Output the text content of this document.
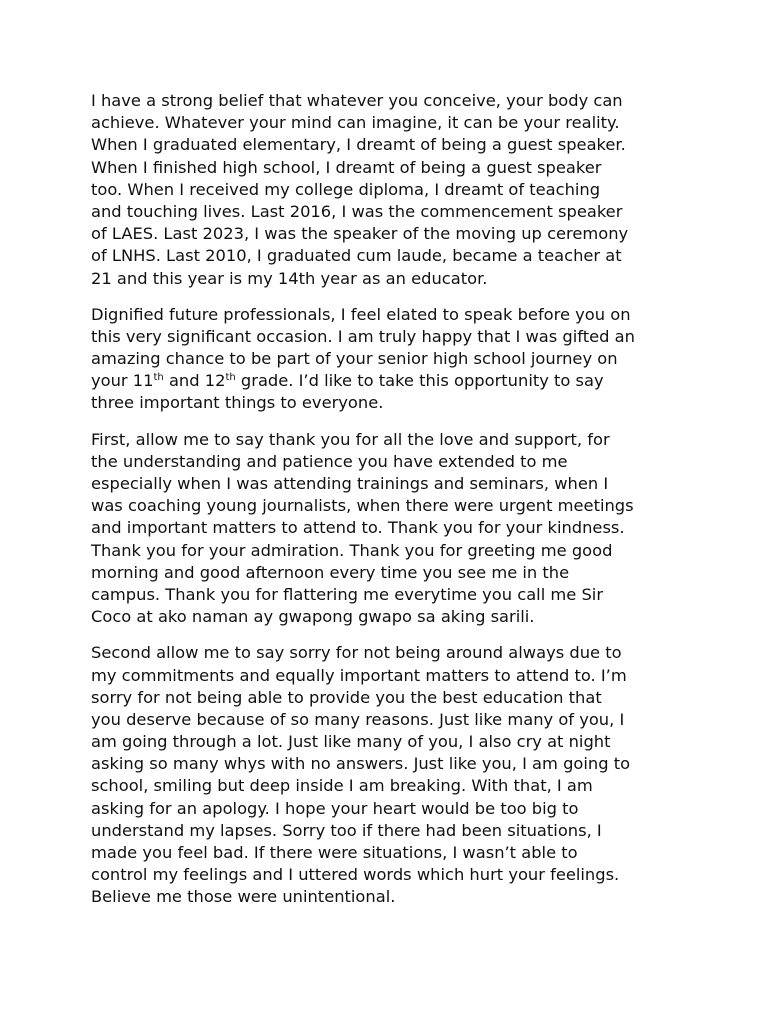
I have a strong belief that whatever you conceive, your body can
achieve. Whatever your mind can imagine, it can be your reality.
When I graduated elementary, I dreamt of being a guest speaker.
When I finished high school, I dreamt of being a guest speaker
too. When I received my college diploma, I dreamt of teaching
and touching lives. Last 2016, I was the commencement speaker
of LAES. Last 2023, I was the speaker of the moving up ceremony
of LNHS. Last 2010, I graduated cum laude, became a teacher at
21 and this year is my 14th year as an educator.
Dignified future professionals, I feel elated to speak before you on
this very significant occasion. I am truly happy that I was gifted an
amazing chance to be part of your senior high school journey on
your 11th and 12th grade. I’d like to take this opportunity to say
three important things to everyone.
First, allow me to say thank you for all the love and support, for
the understanding and patience you have extended to me
especially when I was attending trainings and seminars, when I
was coaching young journalists, when there were urgent meetings
and important matters to attend to. Thank you for your kindness.
Thank you for your admiration. Thank you for greeting me good
morning and good afternoon every time you see me in the
campus. Thank you for flattering me everytime you call me Sir
Coco at ako naman ay gwapong gwapo sa aking sarili.
Second allow me to say sorry for not being around always due to
my commitments and equally important matters to attend to. I’m
sorry for not being able to provide you the best education that
you deserve because of so many reasons. Just like many of you, I
am going through a lot. Just like many of you, I also cry at night
asking so many whys with no answers. Just like you, I am going to
school, smiling but deep inside I am breaking. With that, I am
asking for an apology. I hope your heart would be too big to
understand my lapses. Sorry too if there had been situations, I
made you feel bad. If there were situations, I wasn’t able to
control my feelings and I uttered words which hurt your feelings.
Believe me those were unintentional.
